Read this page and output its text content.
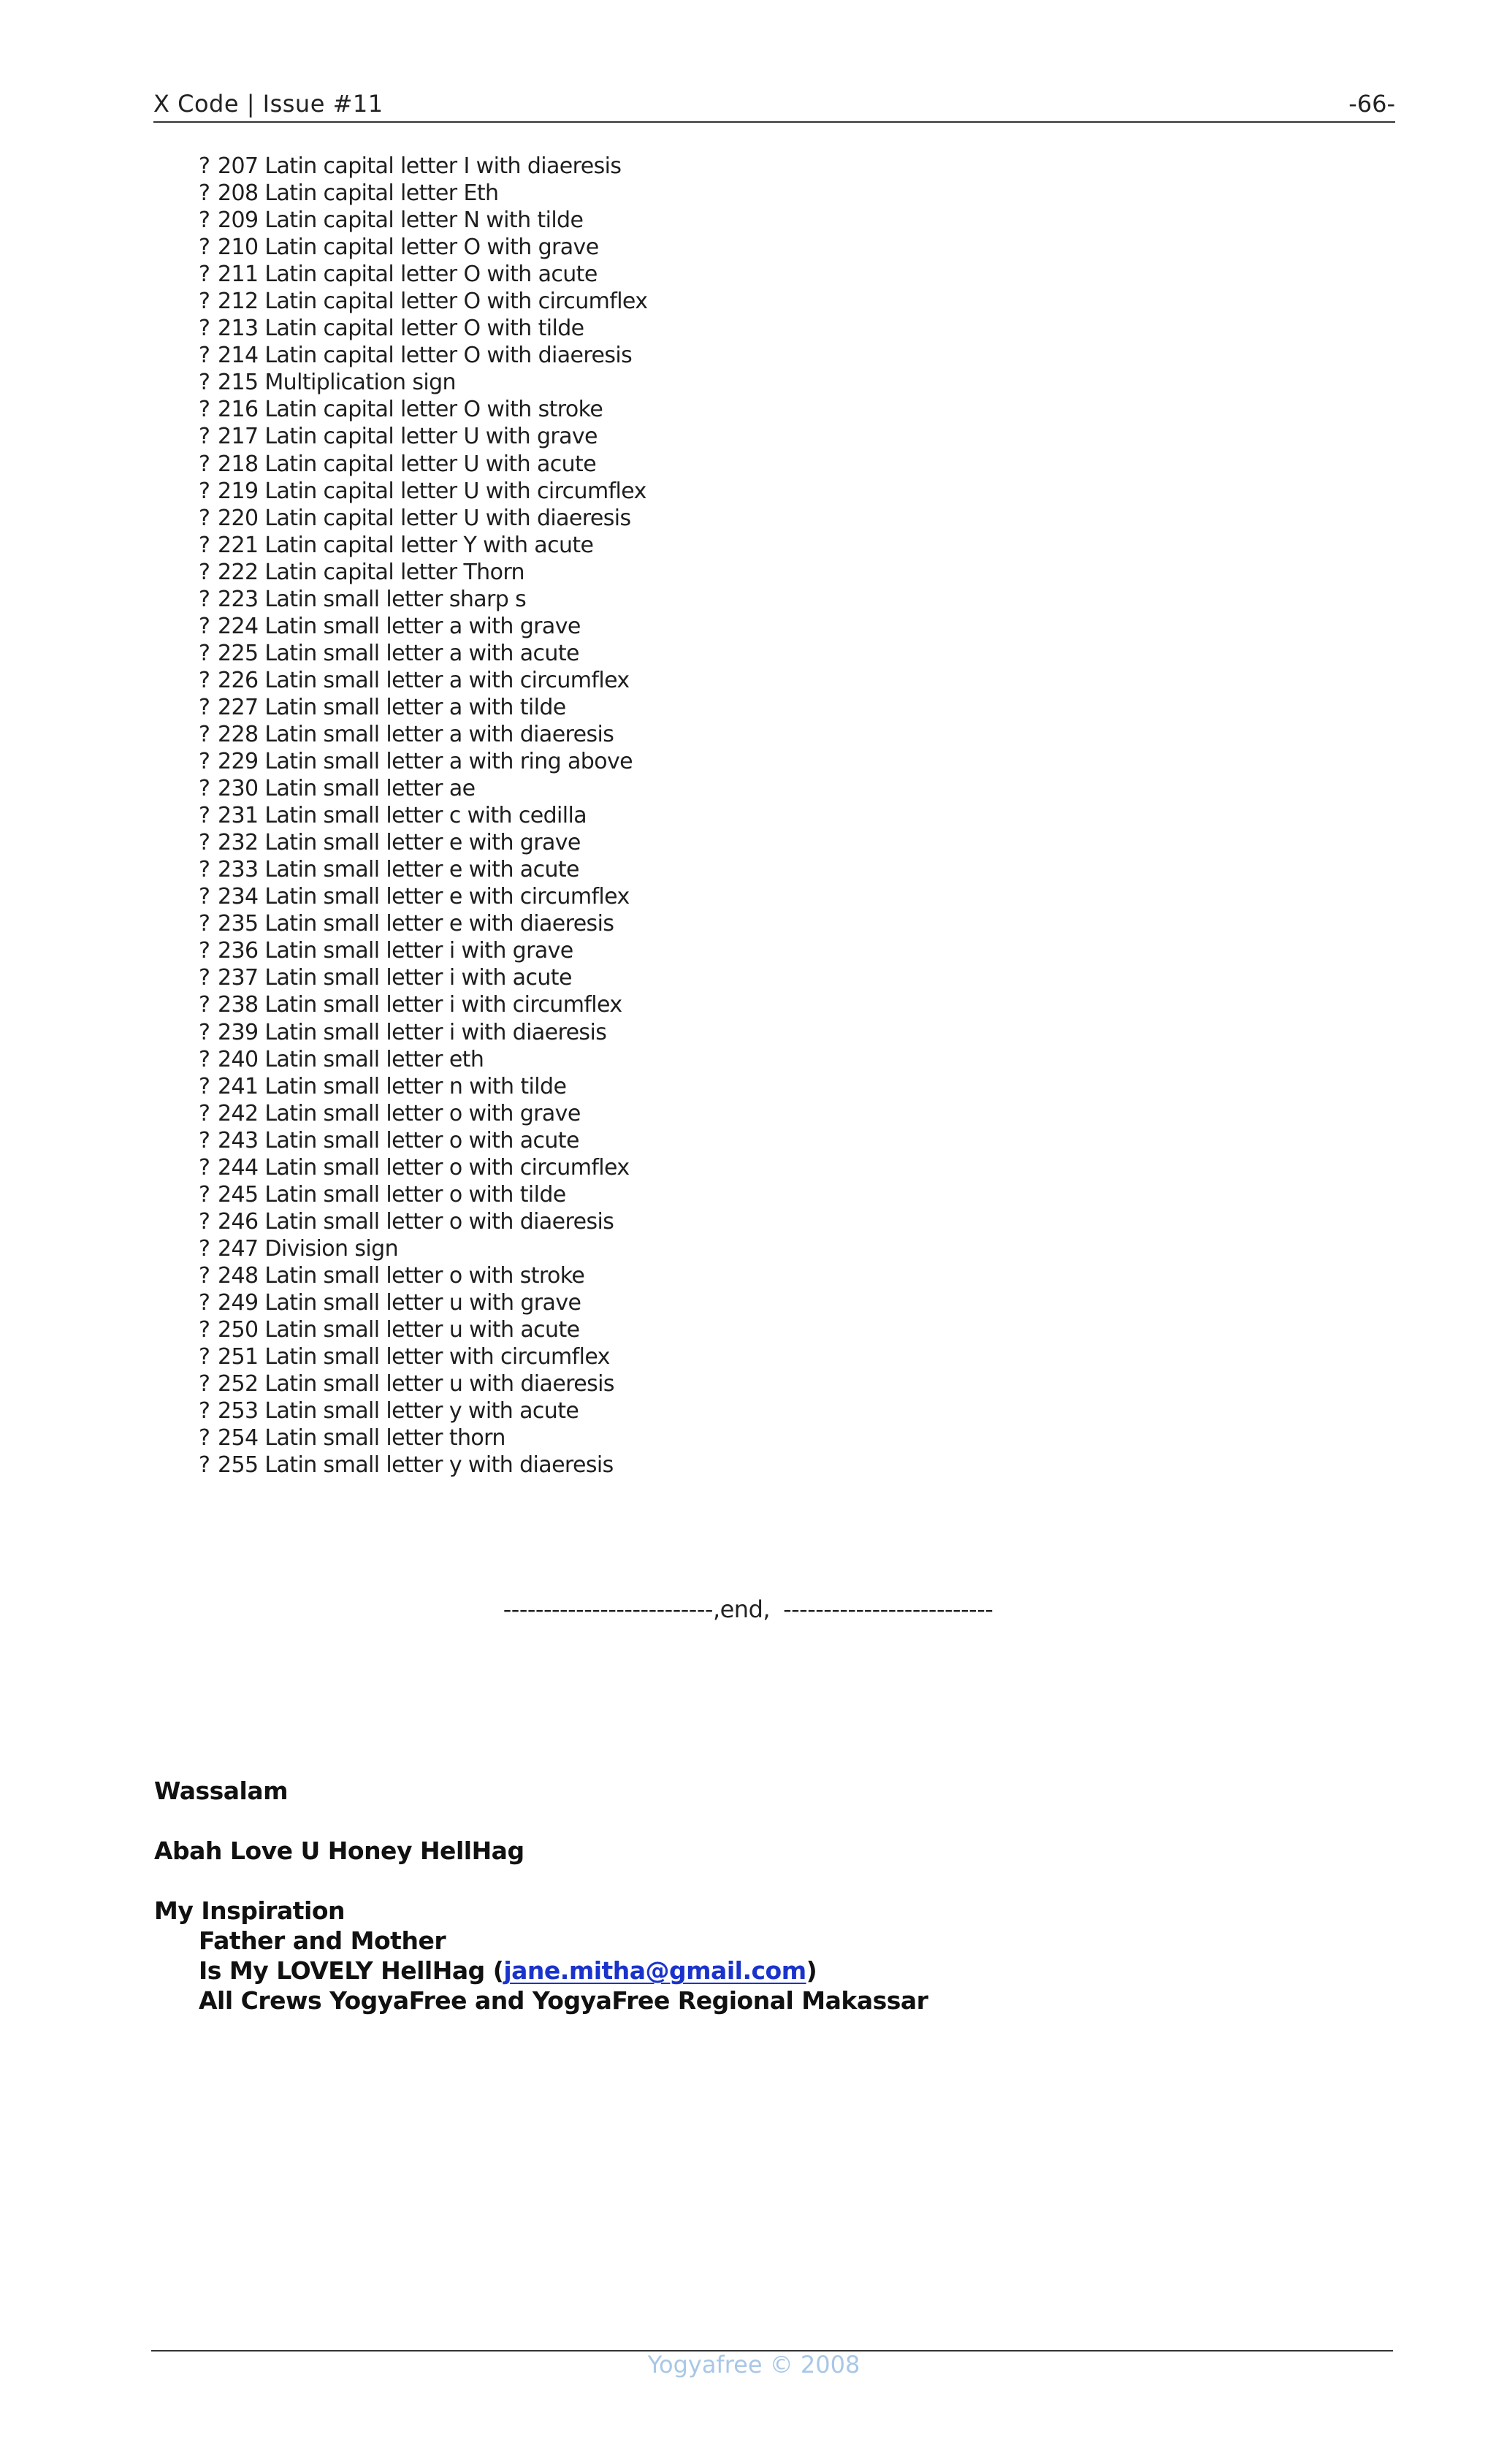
X Code | Issue #11	-66-
? 207 Latin capital letter I with diaeresis
? 208 Latin capital letter Eth
? 209 Latin capital letter N with tilde
? 210 Latin capital letter O with grave
? 211 Latin capital letter O with acute
? 212 Latin capital letter O with circumflex
? 213 Latin capital letter O with tilde
? 214 Latin capital letter O with diaeresis
? 215 Multiplication sign
? 216 Latin capital letter O with stroke
? 217 Latin capital letter U with grave
? 218 Latin capital letter U with acute
? 219 Latin capital letter U with circumflex
? 220 Latin capital letter U with diaeresis
? 221 Latin capital letter Y with acute
? 222 Latin capital letter Thorn
? 223 Latin small letter sharp s
? 224 Latin small letter a with grave
? 225 Latin small letter a with acute
? 226 Latin small letter a with circumflex
? 227 Latin small letter a with tilde
? 228 Latin small letter a with diaeresis
? 229 Latin small letter a with ring above
? 230 Latin small letter ae
? 231 Latin small letter c with cedilla
? 232 Latin small letter e with grave
? 233 Latin small letter e with acute
? 234 Latin small letter e with circumflex
? 235 Latin small letter e with diaeresis
? 236 Latin small letter i with grave
? 237 Latin small letter i with acute
? 238 Latin small letter i with circumflex
? 239 Latin small letter i with diaeresis
? 240 Latin small letter eth
? 241 Latin small letter n with tilde
? 242 Latin small letter o with grave
? 243 Latin small letter o with acute
? 244 Latin small letter o with circumflex
? 245 Latin small letter o with tilde
? 246 Latin small letter o with diaeresis
? 247 Division sign
? 248 Latin small letter o with stroke
? 249 Latin small letter u with grave
? 250 Latin small letter u with acute
? 251 Latin small letter with circumflex
? 252 Latin small letter u with diaeresis
? 253 Latin small letter y with acute
? 254 Latin small letter thorn
? 255 Latin small letter y with diaeresis
--------------------------,end, --------------------------
Wassalam
Abah Love U Honey HellHag
My Inspiration
Father and Mother
Is My LOVELY HellHag (jane.mitha@gmail.com)
All Crews YogyaFree and YogyaFree Regional Makassar
Yogyafree © 2008
